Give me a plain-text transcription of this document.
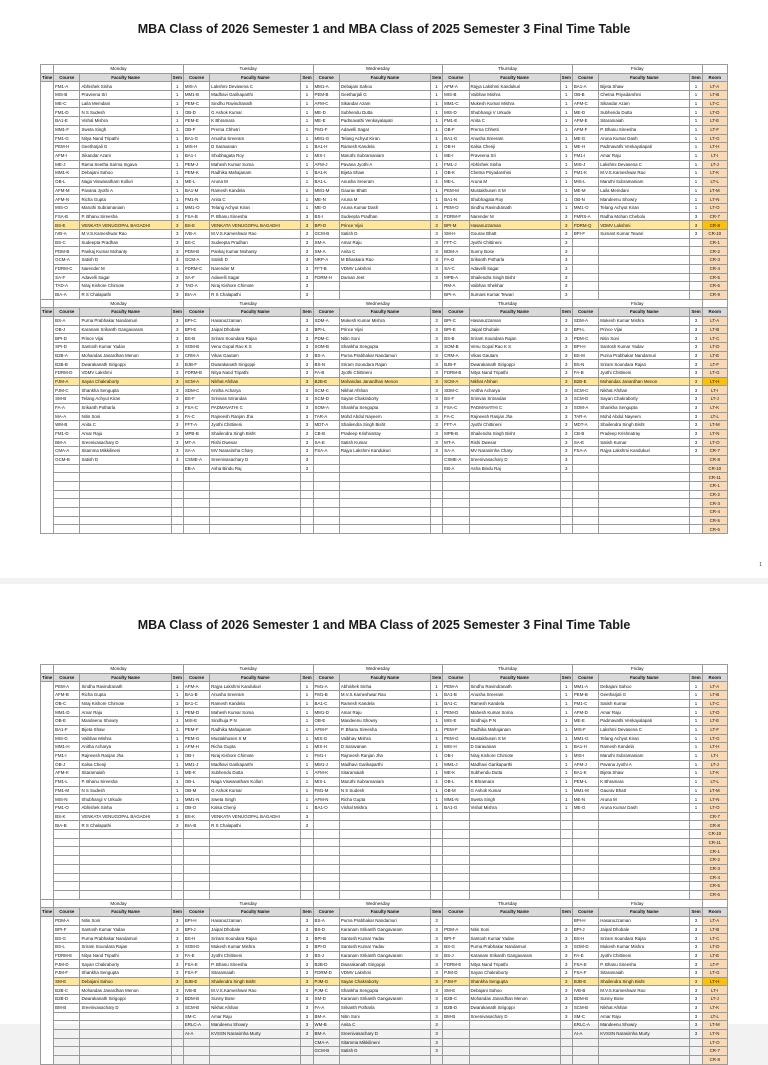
MBA Class of 2026 Semester 1 and MBA Class of 2025 Semester 3 Final Time Table
	Monday			Tuesday			Wednesday			Thursday			Friday			
Time	Course	Faculty Name	Sem	Course	Faculty Name	Sem	Course	Faculty Name	Sem	Course	Faculty Name	Sem	Course	Faculty Name	Sem	Room
	FM1-A	Abhishek Sinha	1	MIS-A	Lakshmi Devasena C	1	MM1-A	Debajani Sahoo	1	AFM-A	Rajya Lakshmi Kandukuri	1	BA1-A	Bijeta Shaw	1	LT-A
	MIS-B	Praveena Sri	1	MM1-B	Madhavi Garikaparthi	1	PEM-B	Geetharjali G	1	MIS-B	Vaibhav Mishra	1	OB-B	Chetna Priyadarshini	1	LT-B
	ME-C	Laila Memdani	1	PEM-C	Sindhu Ravindranath	1	AFM-C	Sikandar Azam	1	MM1-C	Mukesh Kumar Mishra	1	AFM-C	Sikandar Azam	1	LT-C
	FM1-D	N S Sudesh	1	OB-D	G Ashok Kumar	1	ME-D	Subhendu Dutta	1	MIS-D	Shubhangi V Urkude	1	ME-D	Subhendu Dutta	1	LT-D
	BA1-E	Vishal Mishra	1	PEM-E	K Bhramara	1	ME-E	Padmavathi Venkayalapati	1	FM1-E	Anita C	1	AFM-E	Sitaramaiah	1	LT-E
	MM1-F	Sweta Singh	1	OB-F	Prerna Chhetri	1	FM1-F	Adavelli Sagar	1	OB-F	Prerna Chhetri	1	AFM-F	P. Bhanu Sireesha	1	LT-F
	FM1-G	Nitya Nand Tripathi	1	BA1-G	Anusha Sreeram	1	MM1-G	Telang Achyut Kiran	1	BA1-G	Anusha Sreeram	1	ME-G	Aruna Kumar Dash	1	LT-G
	PEM-H	Geetharjali G	1	MIS-H	D Saravanan	1	BA1-H	Ramesh Kandela	1	OB-H	Kalsa Chenji	1	ME-H	Padmavathi Venkayalapati	1	LT-H
	AFM-I	Sikandar Azam	1	BA1-I	Shubhagata Roy	1	MIS-I	Maruthi Subramaniam	1	ME-I	Praveena Sri	1	FM1-I	Amar Raju	1	LT-I
	ME-J	Rama Seetha Sarma Ingava	1	PEM-J	Mahesh Kumar Soma	1	AFM-J	Pavana Jyothi A	1	FM1-J	Abhishek Sinha	1	MIS-J	Lakshmi Devasena C	1	LT-J
	MM1-K	Debajani Sahoo	1	PEM-K	Radhika Mahajanam	1	BA1-K	Bijeta Shaw	1	OB-K	Chetna Priyadarshini	1	FM1-K	M.V.S.Kameshwar Rao	1	LT-K
	OB-L	Naga Viswanatham Kolluri	1	ME-L	Aruna M	1	BA1-L	Anusha Sreeram	1	ME-L	Aruna M	1	MIS-L	Maruthi Subramaniam	1	LT-L
	AFM-M	Pavana Jyothi A	1	BA1-M	Ramesh Kandela	1	MM1-M	Gaurav Bhatt	1	PEM-M	Mustakhusen S M	1	ME-M	Laila Memdani	1	LT-M
	AFM-N	Richa Gupta	1	FM1-N	Anita C	1	ME-N	Aruna M	1	BA1-N	Shubhagata Roy	1	OB-N	Mandeenu Showry	1	LT-N
	MIS-O	Maruthi Subramaniam	1	MM1-O	Telang Achyut Kiran	1	ME-O	Aruna Kumar Dash	1	PEM-O	Sindhu Ravindranath	1	MM1-O	Telang Achyut Kiran	1	LT-O
	FSA-B	P. Bhanu Sireesha	3	FSA-B	P. Bhanu Sireesha	3	BS-I	Sudeepta Pradhan	3	FDRM-F	Narender M	3	FMRS-A	Radha Mohan Chebolu	3	CR-7
	BS-E	VENKATA VENUGOPAL BAGADHI	3	BS-E	VENKATA VENUGOPAL BAGADHI	3	BPI-D	Prince Vijai	3	BPI-M	Hasanuzzaman	3	FDRM-Q	VDMV Lakshmi	3	CR-8
	IVB-A	M.V.S.Kameshwar Rao	3	IVB-A	M.V.S.Kameshwar Rao	3	GCM-B	Satish D	3	SM-H	Gourav Bhatt	3	BPI-F	Sumant Kumar Tewari	3	CR-10
	BS-C	Sudeepta Pradhan	3	BS-C	Sudeepta Pradhan	3	SM-A	Amar Raju	3	FFT-C	Jyothi Chittineni	3				CR-1
	PDM-B	Pankaj Kumar Mohanty	3	PDM-B	Pankaj Kumar Mohanty	3	SM-A	Anita C	3	BDM-A	Sunny Bose	3				CR-2
	GCM-A	Satish D	3	GCM-A	Satish D	3	NRP-A	M Bhaskara Rao	3	FA-D	Srikanth Potharla	3				CR-3
	FDRM-C	Narender M	3	FDRM-C	Narender M	3	FFT-B	VDMV Lakshmi	3	SA-C	Adavelli Sagar	3				CR-4
	SA-F	Adavelli Sagar	3	SA-F	Adavelli Sagar	3	FDRM-H	Daman Jeet	3	MPB-A	Shailendra Singh Bisht	3				CR-5
	TAD-A	Niraj Kishore Chimote	3	TAD-A	Niraj Kishore Chimote	3				RM-A	Vaibhav Shekhar	3				CR-6
	BIA-A	R S Chalapathi	3	BIA-A	R S Chalapathi	3				BPI-A	Sumant Kumar Tewari	3				CR-9
	Monday			Tuesday			Wednesday			Thursday			Friday			
Time	Course	Faculty Name	Sem	Course	Faculty Name	Sem	Course	Faculty Name	Sem	Course	Faculty Name	Sem	Course	Faculty Name	Sem	Room
	BS-A	Purna Prabhakar Nandamuri	3	BPI-C	Hasanuzzaman	3	SDM-A	Mukesh Kumar Mishra	3	BPI-C	Hasanuzzaman	3	SDM-A	Mukesh Kumar Mishra	3	LT-A
	OB-J	Karanam Srikanth Gangavaram	3	BPI-E	Jaipal Dhobale	3	BPI-L	Prince Vijai	3	BPI-E	Jaipal Dhobale	3	BPI-L	Prince Vijai	3	LT-B
	BPI-D	Prince Vijai	3	BS-B	Sriram Soundara Rajan	3	PDM-C	Nitin Soni	3	BS-B	Sriram Soundara Rajan	3	PDM-C	Nitin Soni	3	LT-C
	SPI-D	Santosh Kumar Yadav	3	SOM-B	Venu Gopal Rao K S	3	SOM-B	Shankha Sengupta	3	SOM-B	Venu Gopal Rao K S	3	BPI-H	Santosh Kumar Yadav	3	LT-D
	B2B-A	Mohandas Janardhan Menon	3	CRM-A	Vikas Gautam	3	BS-A	Purna Prabhakar Nandamuri	3	CRM-A	Vikas Gautam	3	BS-M	Purna Prabhakar Nandamuri	3	LT-E
	B2B-B	Dwarakanath Sirigoppi	3	BJB-F	Dwarakanath Sirigoppi	3	BS-N	Sriram Soundara Rajan	3	BJB-F	Dwarakanath Sirigoppi	3	BS-N	Sriram Soundara Rajan	3	LT-F
	FDRM-D	VDMV Lakshmi	3	FDRM-B	Nitya Nand Tripathi	3	FA-B	Jyothi Chittineni	3	FDRM-B	Nitya Nand Tripathi	3	FA-B	Jyothi Chittineni	3	LT-G
	PJM-A	Sayan Chakraborty	3	SCM-A	Nikhat Afshan	3	B2B-E	Mohandas Janardhan Menon	3	SCM-A	Nikhat Afshan	3	B2B-E	Mohandas Janardhan Menon	3	LT-H
	PJM-C	Shankha Sengupta	3	SDM-C	Anitha Acharya	3	SCM-C	Nikhat Afshan	3	SDM-C	Anitha Acharya	3	SCM-C	Nikhat Afshan	3	LT-I
	SM-B	Telang Achyut Kiran	3	BS-F	Srinivas Srirandas	3	SCM-D	Sayan Chakraborty	3	BS-F	Srinivas Srirandas	3	SCM-D	Sayan Chakraborty	3	LT-J
	FA-A	Srikanth Potharla	3	FSA-C	PADMAVATHI C	3	SOM-A	Shankha Sengupta	3	FSA-C	PADMAVATHI C	3	SOM-A	Shankha Sengupta	3	LT-K
	MA-A	Nitin Soni	3	FA-C	Rajneesh Ranjan Jha	3	TAR-A	Mohd Abdul Nayeem	3	FA-C	Rajneesh Ranjan Jha	3	TAR-A	Mohd Abdul Nayeem	3	LT-L
	WM-B	Anita C	3	FFT-A	Jyothi Chittineni	3	MDT-A	Shailendra Singh Bisht	3	FFT-A	Jyothi Chittineni	3	MDT-A	Shailendra Singh Bisht	3	LT-M
	FM1-D	Amar Raju	3	MPB-B	Shailendra Singh Bisht	3	CB-B	Pradeep Krishnatray	3	MPB-B	Shailendra Singh Bisht	3	CB-B	Pradeep Krishnatray	3	LT-N
	BM-A	Sreenivasachary D	3	MT-A	Rishi Dwesar	3	SA-E	Satish Kumar	3	MT-A	Rishi Dwesar	3	SA-E	Satish Kumar	3	LT-O
	CMA-A	Sitamma Mikkilineni	3	SA-A	MV Narasimha Chary	3	FSA-A	Rajya Lakshmi Kandukuri	3	SA-A	MV Narasimha Chary	3	FSA-A	Rajya Lakshmi Kandukuri	3	CR-7
	GCM-B	Satish D	3	CSME-A	Sreenivasachary D	3				CSME-A	Sreenivasachary D	3				CR-8
				EB-A	Asha Bindu Raj	3				EB-A	Asha Bindu Raj	3				CR-10
																CR-11
																CR-1
																CR-2
																CR-3
																CR-4
																CR-5
																CR-6
1
MBA Class of 2026 Semester 1 and MBA Class of 2025 Semester 3 Final Time Table
	Monday			Tuesday			Wednesday			Thursday			Friday			
Time	Course	Faculty Name	Sem	Course	Faculty Name	Sem	Course	Faculty Name	Sem	Course	Faculty Name	Sem	Course	Faculty Name	Sem	Room
	PEM-A	Sindhu Ravindranath	1	AFM-A	Rajya Lakshmi Kandukuri	1	FM1-A	Abhishek Sinha	1	PEM-A	Sindhu Ravindranath	1	MM1-A	Debajani Sahoo	1	LT-A
	AFM-B	Richa Gupta	1	BA1-B	Anusha Sreeram	1	FM1-B	M.V.S.Kameshwar Rao	1	BA1-B	Anusha Sreeram	1	PEM-B	Geetharjali G	1	LT-B
	OB-C	Niraj Kishore Chimote	1	BA1-C	Ramesh Kandela	1	BA1-C	Ramesh Kandela	1	BA1-C	Ramesh Kandela	1	FM1-C	Satish Kumar	1	LT-C
	MM1-D	Amar Raju	1	PEM-D	Mahesh Kumar Soma	1	MM1-D	Amar Raju	1	PEM-D	Mahesh Kumar Soma	1	AFM-D	Amar Raju	1	LT-D
	OB-E	Mandeenu Showry	1	MIS-E	Sindhuja P N	1	OB-E	Mandeenu Showry	1	MIS-E	Sindhuja P N	1	ME-E	Padmavathi Venkayalapati	1	LT-E
	BA1-F	Bijeta Shaw	1	PEM-F	Radhika Mahajanam	1	AFM-F	P. Bhanu Sireesha	1	PEM-F	Radhika Mahajanam	1	MIS-F	Lakshmi Devasena C	1	LT-F
	MIS-G	Vaibhav Mishra	1	PEM-G	Mustakhusen S M	1	MIS-G	Vaibhav Mishra	1	PEM-G	Mustakhusen S M	1	MM1-G	Telang Achyut Kiran	1	LT-G
	MM1-H	Anitha Acharya	1	AFM-H	Richa Gupta	1	MIS-H	D Saravanan	1	MIS-H	D Saravanan	1	BA1-H	Ramesh Kandela	1	LT-H
	FM1-I	Rajneesh Ranjan Jha	1	OB-I	Niraj Kishore Chimote	1	FM1-I	Rajneesh Ranjan Jha	1	OB-I	Niraj Kishore Chimote	1	MIS-I	Maruthi Subramaniam	1	LT-I
	OB-J	Kalsa Chenji	1	MM1-J	Madhavi Garikaparthi	1	MM1-J	Madhavi Garikaparthi	1	MM1-J	Madhavi Garikaparthi	1	AFM-J	Pavana Jyothi A	1	LT-J
	AFM-K	Sitaramaiah	1	ME-K	Subhendu Dutta	1	AFM-K	Sitaramaiah	1	ME-K	Subhendu Dutta	1	BA1-K	Bijeta Shaw	1	LT-K
	FM1-L	P. Bhanu Sireesha	1	OB-L	Naga Viswanatham Kolluri	1	MIS-L	Maruthi Subramaniam	1	OB-L	K Bhramara	1	PEM-L	K Bhramara	1	LT-L
	FM1-M	N S Sudesh	1	OB-M	G Ashok Kumar	1	FM1-M	N S Sudesh	1	OB-M	G Ashok Kumar	1	MM1-M	Gaurav Bhatt	1	LT-M
	MIS-N	Shubhangi V Urkude	1	MM1-N	Sweta Singh	1	AFM-N	Richa Gupta	1	MM1-N	Sweta Singh	1	ME-N	Aruna M	1	LT-N
	FM1-O	Abhishek Sinha	1	OB-O	Kalsa Chenji	1	BA1-O	Vishal Mishra	1	BA1-O	Vishal Mishra	1	ME-O	Aruna Kumar Dash	1	LT-O
	BS-K	VENKATA VENUGOPAL BAGADHI	3	BS-K	VENKATA VENUGOPAL BAGADHI	3										CR-7
	BIA-B	R S Chalapathi	3	BIA-B	R S Chalapathi	3										CR-8
																CR-10
																CR-11
																CR-1
																CR-2
																CR-3
																CR-4
																CR-5
																CR-6
	Monday			Tuesday			Wednesday			Thursday			Friday			
Time	Course	Faculty Name	Sem	Course	Faculty Name	Sem	Course	Faculty Name	Sem	Course	Faculty Name	Sem	Course	Faculty Name	Sem	Room
	PDM-A	Nitin Soni	3	BPI-H	Hasanuzzaman	3	BS-A	Purna Prabhakar Nandamuri	3				BPI-H	Hasanuzzaman	3	LT-A
	BPI-F	Santosh Kumar Yadav	3	BPI-J	Jaipal Dhobale	3	BS-D	Karanam Srikanth Gangavaram	3	PDM-A	Nitin Soni	3	BPI-J	Jaipal Dhobale	3	LT-B
	BS-G	Purna Prabhakar Nandamuri	3	BS-H	Sriram Soundara Rajan	3	BPI-B	Santosh Kumar Yadav	3	BPI-F	Santosh Kumar Yadav	3	BS-H	Sriram Soundara Rajan	3	LT-C
	BS-L	Sriram Soundara Rajan	3	SOM-D	Mukesh Kumar Mishra	3	BPI-D	Santosh Kumar Yadav	3	BS-G	Purna Prabhakar Nandamuri	3	SOM-D	Mukesh Kumar Mishra	3	LT-D
	FDRM-E	Nitya Nand Tripathi	3	FA-E	Jyothi Chittineni	3	BS-J	Karanam Srikanth Gangavaram	3	BS-J	Karanam Srikanth Gangavaram	3	FA-E	Jyothi Chittineni	3	LT-E
	PJM-D	Sayan Chakraborty	3	FSA-E	P. Bhanu Sireesha	3	B2B-D	Dwarakanath Sirigoppi	3	FDRM-E	Nitya Nand Tripathi	3	FSA-E	P. Bhanu Sireesha	3	LT-F
	PJM-F	Shankha Sengupta	3	FSA-F	Sitaramaiah	3	FDRM-D	VDMV Lakshmi	3	PJM-D	Sayan Chakraborty	3	FSA-F	Sitaramaiah	3	LT-G
	SM-E	Debajani Sahoo	3	BJB-E	Shailendra Singh Bisht	3	PJM-G	Sayan Chakraborty	3	PJM-F	Shankha Sengupta	3	BJB-E	Shailendra Singh Bisht	3	LT-H
	B2B-C	Mohandas Janardhan Menon	3	IVB-B	M.V.S.Kameshwar Rao	3	PJM-C	Shankha Sengupta	3	SM-E	Debajani Sahoo	3	IVB-B	M.V.S.Kameshwar Rao	3	LT-I
	B2B-D	Dwarakanath Sirigoppi	3	BDM-B	Sunny Bose	3	SM-D	Karanam Srikanth Gangavaram	3	B2B-C	Mohandas Janardhan Menon	3	BDM-B	Sunny Bose	3	LT-J
	BM-B	Sreenivasachary D	3	SCM-B	Nikhat Afshan	3	FA-A	Srikanth Potharla	3	B2B-D	Dwarakanath Sirigoppi	3	SCM-B	Nikhat Afshan	3	LT-K
				SM-C	Amar Raju	3	BM-A	Nitin Soni	3	BM-B	Sreenivasachary D	3	SM-C	Amar Raju	3	LT-L
				ERLC-A	Mandeenu Showry	3	WM-B	Anita C	3				ERLC-A	Mandeenu Showry	3	LT-M
				AI-A	KVSSN Narasimha Murty	3	BM-A	Sreenivasachary D	3				AI-A	KVSSN Narasimha Murty	3	LT-N
							CMA-A	Sitamma Mikkilineni	3							LT-O
							GCM-B	Satish D	3							CR-7
																CR-8
